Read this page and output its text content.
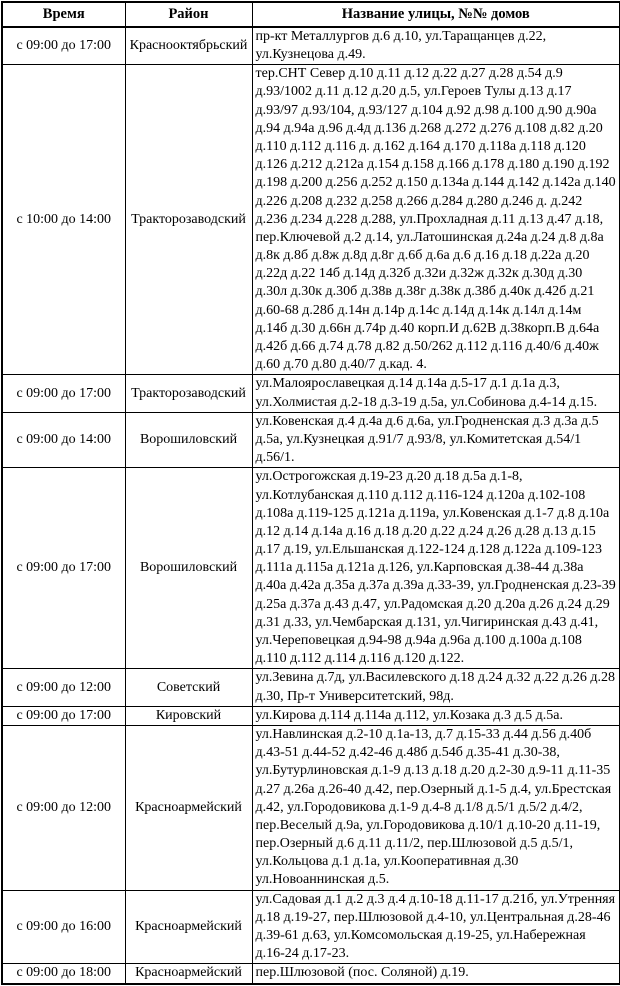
Время	Район	Название улицы, №№ домов
с 09:00 до 17:00	Краснооктябрьский	пр-кт Металлургов д.6 д.10, ул.Таращанцев д.22, ул.Кузнецова д.49.
с 10:00 до 14:00	Тракторозаводский	тер.СНТ Север д.10 д.11 д.12 д.22 д.27 д.28 д.54 д.9 д.93/1002 д.11 д.12 д.20 д.5, ул.Героев Тулы д.13 д.17 д.93/97 д.93/104, д.93/127 д.104 д.92 д.98 д.100 д.90 д.90а д.94 д.94а д.96 д.4д д.136 д.268 д.272 д.276 д.108 д.82 д.20 д.110 д.112 д.116 д. д.162 д.164 д.170 д.118а д.118 д.120 д.126 д.212 д.212а д.154 д.158 д.166 д.178 д.180 д.190 д.192 д.198 д.200 д.256 д.252 д.150 д.134а д.144 д.142 д.142а д.140 д.226 д.208 д.232 д.258 д.266 д.284 д.280 д.246 д. д.242 д.236 д.234 д.228 д.288, ул.Прохладная д.11 д.13 д.47 д.18, пер.Ключевой д.2 д.14, ул.Латошинская д.24а д.24 д.8 д.8а д.8к д.8б д.8ж д.8д д.8г д.6б д.6а д.6 д.16 д.18 д.22а д.20 д.22д д.22 14б д.14д д.32б д.32и д.32ж д.32к д.30д д.30 д.30л д.30к д.30б д.38в д.38г д.38к д.38б д.40к д.42б д.21 д.60-68 д.28б д.14н д.14р д.14с д.14д д.14к д.14л д.14м д.14б д.30 д.66н д.74р д.40 корп.И д.62В д.38корп.В д.64а д.42б д.66 д.74 д.78 д.82 д.50/262 д.112 д.116 д.40/6 д.40ж д.60 д.70 д.80 д.40/7 д.кад. 4.
с 09:00 до 17:00	Тракторозаводский	ул.Малоярославецкая д.14 д.14а д.5-17 д.1 д.1а д.3, ул.Холмистая д.2-18 д.3-19 д.5а, ул.Собинова д.4-14 д.15.
с 09:00 до 14:00	Ворошиловский	ул.Ковенская д.4 д.4а д.6 д.6а, ул.Гродненская д.3 д.3а д.5 д.5а, ул.Кузнецкая д.91/7 д.93/8, ул.Комитетская д.54/1 д.56/1.
с 09:00 до 17:00	Ворошиловский	ул.Острогожская д.19-23 д.20 д.18 д.5а д.1-8, ул.Котлубанская д.110 д.112 д.116-124 д.120а д.102-108 д.108а д.119-125 д.121а д.119а, ул.Ковенская д.1-7 д.8 д.10а д.12 д.14 д.14а д.16 д.18 д.20 д.22 д.24 д.26 д.28 д.13 д.15 д.17 д.19, ул.Ельшанская д.122-124 д.128 д.122а д.109-123 д.111а д.115а д.121а д.126, ул.Карповская д.38-44 д.38а д.40а д.42а д.35а д.37а д.39а д.33-39, ул.Гродненская д.23-39 д.25а д.37а д.43 д.47, ул.Радомская д.20 д.20а д.26 д.24 д.29 д.31 д.33, ул.Чембарская д.131, ул.Чигиринская д.43 д.41, ул.Череповецкая д.94-98 д.94а д.96а д.100 д.100а д.108 д.110 д.112 д.114 д.116 д.120 д.122.
с 09:00 до 12:00	Советский	ул.Зевина д.7д, ул.Василевского д.18 д.24 д.32 д.22 д.26 д.28 д.30, Пр-т Университетский, 98д.
с 09:00 до 17:00	Кировский	ул.Кирова д.114 д.114а д.112, ул.Козака д.3 д.5 д.5а.
с 09:00 до 12:00	Красноармейский	ул.Навлинская д.2-10 д.1а-13, д.7 д.15-33 д.44 д.56 д.40б д.43-51 д.44-52 д.42-46 д.48б д.54б д.35-41 д.30-38, ул.Бутурлиновская д.1-9 д.13 д.18 д.20 д.2-30 д.9-11 д.11-35 д.27 д.26а д.26-40 д.42, пер.Озерный д.1-5 д.4, ул.Брестская д.42, ул.Городовикова д.1-9 д.4-8 д.1/8 д.5/1 д.5/2 д.4/2, пер.Веселый д.9а, ул.Городовикова д.10/1 д.10-20 д.11-19, пер.Озерный д.6 д.11 д.11/2, пер.Шлюзовой д.5 д.5/1, ул.Кольцова д.1 д.1а, ул.Кооперативная д.30 ул.Новоаннинская д.5.
с 09:00 до 16:00	Красноармейский	ул.Садовая д.1 д.2 д.3 д.4 д.10-18 д.11-17 д.21б, ул.Утренняя д.18 д.19-27, пер.Шлюзовой д.4-10, ул.Центральная д.28-46 д.39-61 д.63, ул.Комсомольская д.19-25, ул.Набережная д.16-24 д.17-23.
с 09:00 до 18:00	Красноармейский	пер.Шлюзовой (пос. Соляной) д.19.
